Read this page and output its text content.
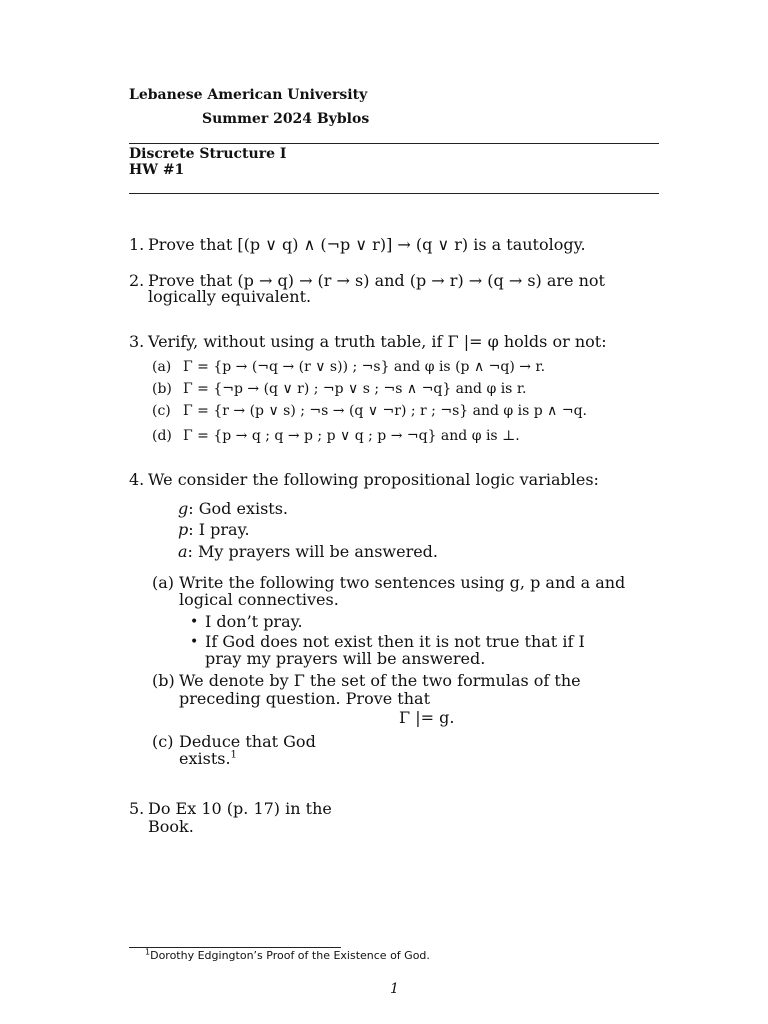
Lebanese American University
Summer 2024 Byblos
Discrete Structure I
HW #1
1. Prove that [(p ∨ q) ∧ (¬p ∨ r)] → (q ∨ r) is a tautology.
2. Prove that (p → q) → (r → s) and (p → r) → (q → s) are not
logically equivalent.
3. Verify, without using a truth table, if Γ |= φ holds or not:
(a) Γ = {p → (¬q → (r ∨ s)) ; ¬s} and φ is (p ∧ ¬q) → r.
(b) Γ = {¬p → (q ∨ r) ; ¬p ∨ s ; ¬s ∧ ¬q} and φ is r.
(c) Γ = {r → (p ∨ s) ; ¬s → (q ∨ ¬r) ; r ; ¬s} and φ is p ∧ ¬q.
(d) Γ = {p → q ; q → p ; p ∨ q ; p → ¬q} and φ is ⊥.
4. We consider the following propositional logic variables:
g: God exists.
p: I pray.
a: My prayers will be answered.
(a) Write the following two sentences using g, p and a and
logical connectives.
• I don’t pray.
• If God does not exist then it is not true that if I
pray my prayers will be answered.
(b) We denote by Γ the set of the two formulas of the
preceding question. Prove that
Γ |= g.
(c) Deduce that God
exists.$^1$
5. Do Ex 10 (p. 17) in the
Book.
$^1$Dorothy Edgington’s Proof of the Existence of God.
1
